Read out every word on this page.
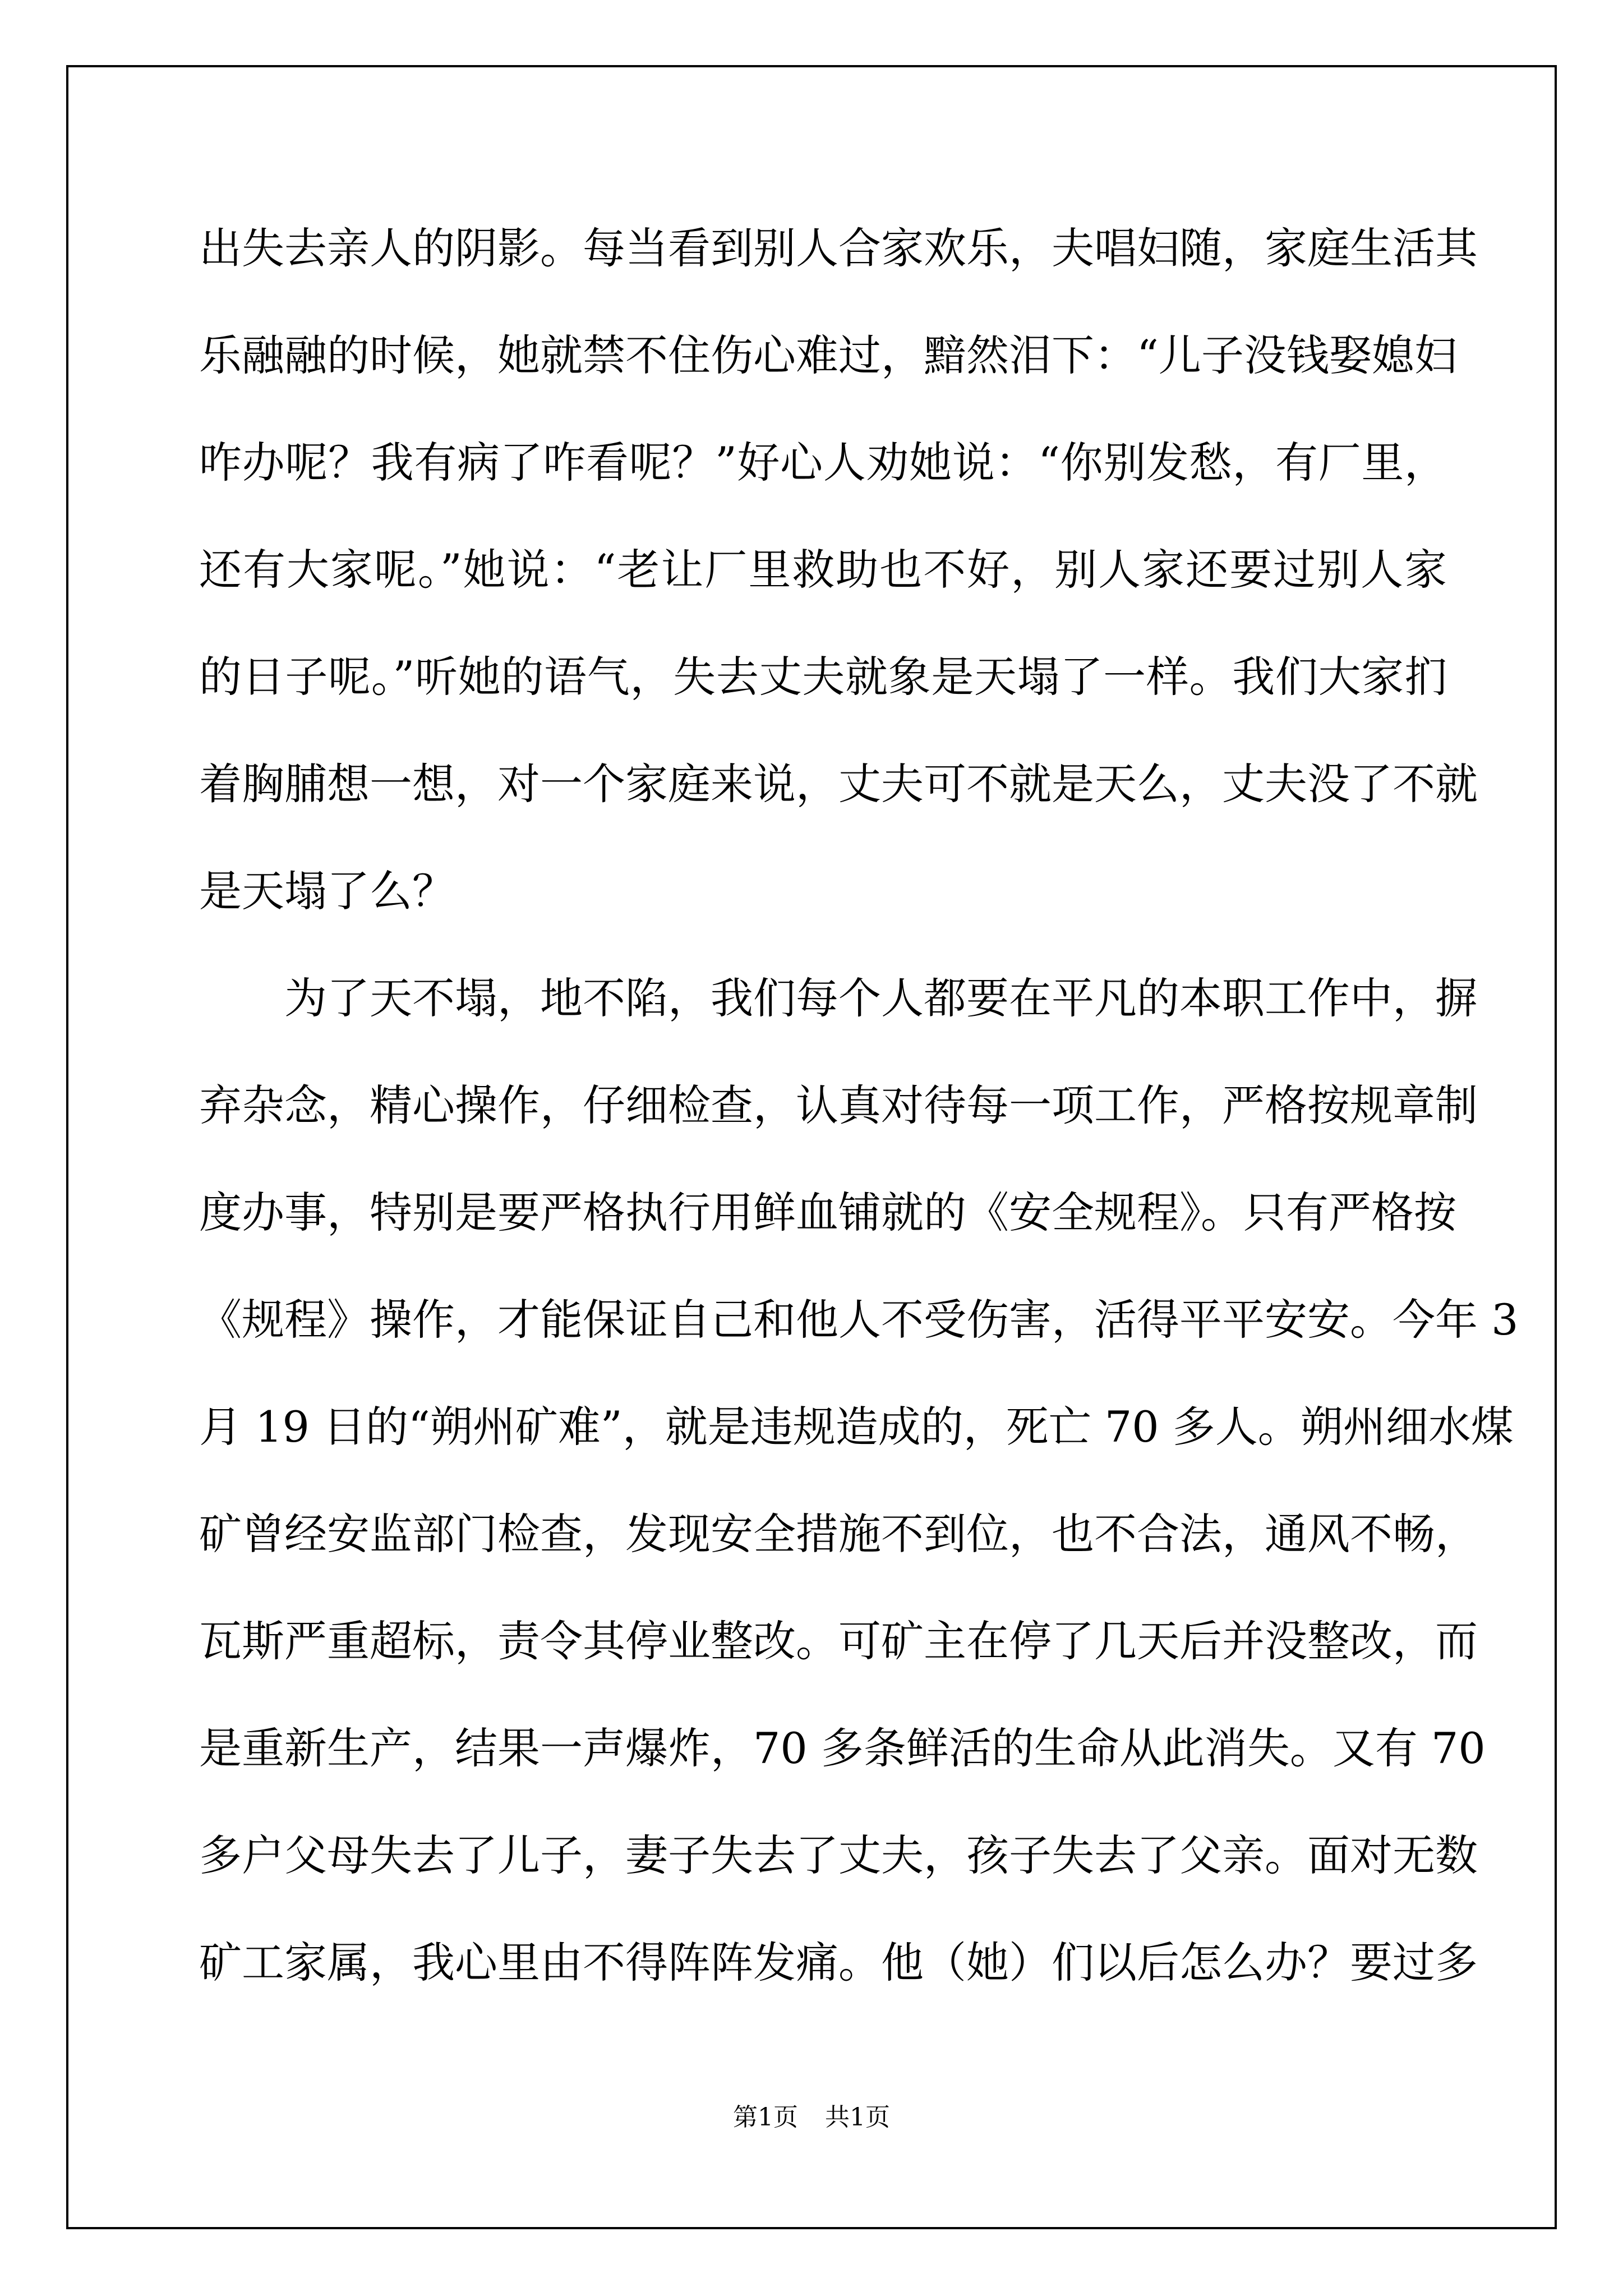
出失去亲人的阴影。每当看到别人合家欢乐，夫唱妇随，家庭生活其
乐融融的时候，她就禁不住伤心难过，黯然泪下：“儿子没钱娶媳妇
咋办呢？我有病了咋看呢？”好心人劝她说：“你别发愁，有厂里，
还有大家呢。”她说：“老让厂里救助也不好，别人家还要过别人家
的日子呢。”听她的语气，失去丈夫就象是天塌了一样。我们大家扪
着胸脯想一想，对一个家庭来说，丈夫可不就是天么，丈夫没了不就
是天塌了么？
　　为了天不塌，地不陷，我们每个人都要在平凡的本职工作中，摒
弃杂念，精心操作，仔细检查，认真对待每一项工作，严格按规章制
度办事，特别是要严格执行用鲜血铺就的《安全规程》。只有严格按
《规程》操作，才能保证自己和他人不受伤害，活得平平安安。今年 3
月 19 日的“朔州矿难”，就是违规造成的，死亡 70 多人。朔州细水煤
矿曾经安监部门检查，发现安全措施不到位，也不合法，通风不畅，
瓦斯严重超标，责令其停业整改。可矿主在停了几天后并没整改，而
是重新生产，结果一声爆炸，70 多条鲜活的生命从此消失。又有 70
多户父母失去了儿子，妻子失去了丈夫，孩子失去了父亲。面对无数
矿工家属，我心里由不得阵阵发痛。他（她）们以后怎么办？要过多
第1页 共1页
